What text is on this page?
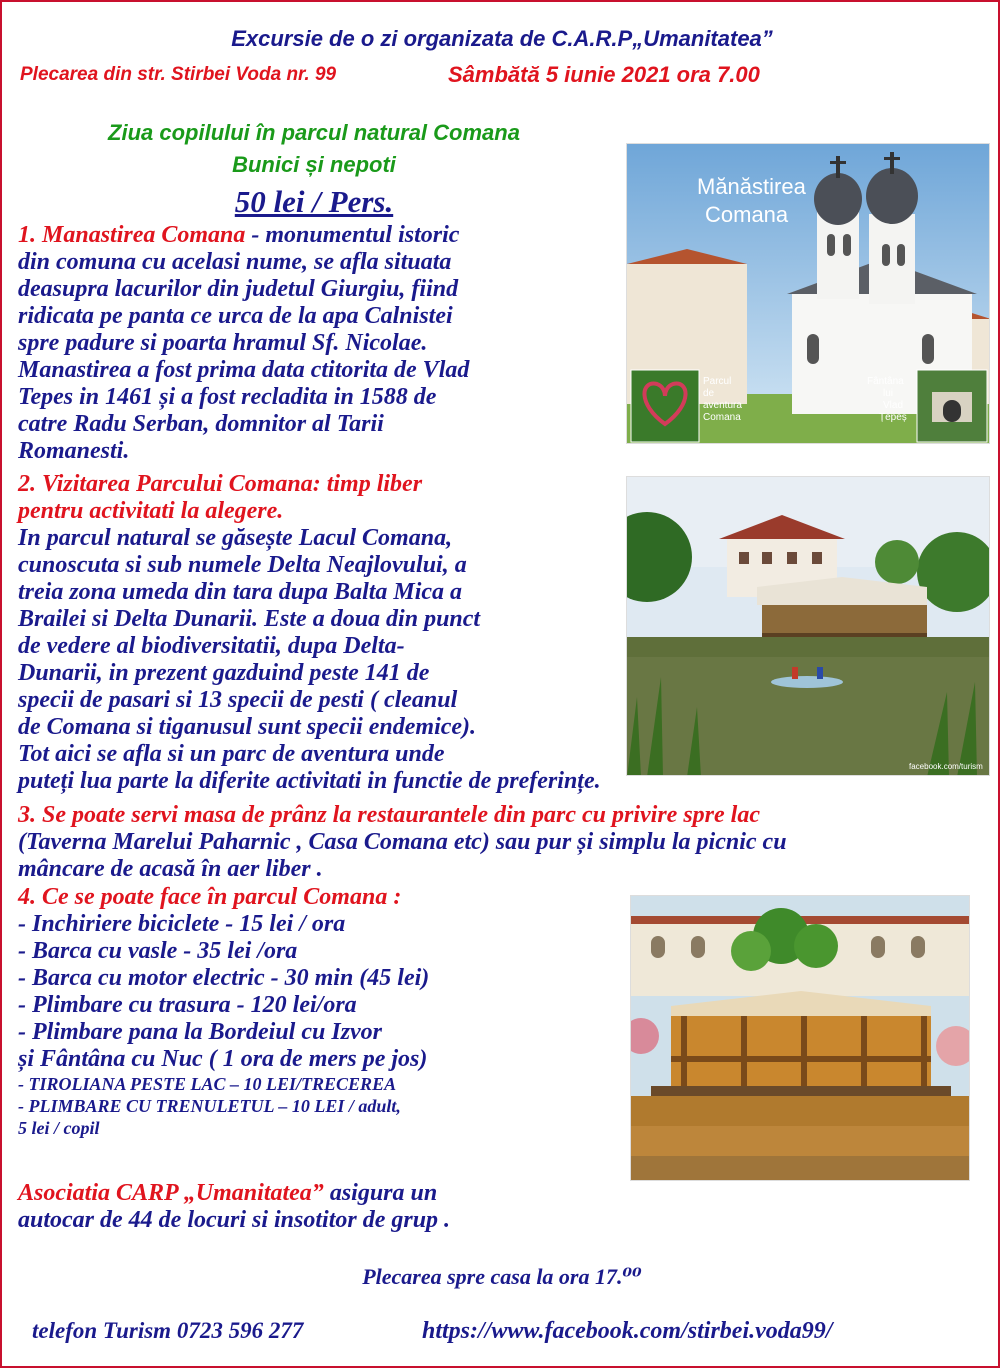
Excursie de o zi organizata de C.A.R.P„Umanitatea”
Plecarea din str. Stirbei Voda nr. 99	Sâmbătă 5 iunie 2021 ora 7.00
Ziua copilului în parcul natural Comana
Bunici și nepoti
50 lei / Pers.
1. Manastirea Comana - monumentul istoric
din comuna cu acelasi nume, se afla situata
deasupra lacurilor din judetul Giurgiu, fiind
ridicata pe panta ce urca de la apa Calnistei
spre padure si poarta hramul Sf. Nicolae.
Manastirea a fost prima data ctitorita de Vlad
Tepes in 1461 și a fost recladita in 1588 de
catre Radu Serban, domnitor al Tarii
Romanesti.
2. Vizitarea Parcului Comana: timp liber
pentru activitati la alegere.
In parcul natural se găsește Lacul Comana,
cunoscuta si sub numele Delta Neajlovului, a
treia zona umeda din tara dupa Balta Mica a
Brailei si Delta Dunarii. Este a doua din punct
de vedere al biodiversitatii, dupa Delta-
Dunarii, in prezent gazduind peste 141 de
specii de pasari si 13 specii de pesti ( cleanul
de Comana si tiganusul sunt specii endemice).
Tot aici se afla si un parc de aventura unde
puteți lua parte la diferite activitati in functie de preferințe.
3. Se poate servi masa de prânz la restaurantele din parc cu privire spre lac
(Taverna Marelui Paharnic , Casa Comana etc) sau pur și simplu la picnic cu
mâncare de acasă în aer liber .
4. Ce se poate face în parcul Comana :
- Inchiriere biciclete - 15 lei / ora
- Barca cu vasle - 35 lei /ora
- Barca cu motor electric - 30 min (45 lei)
- Plimbare cu trasura - 120 lei/ora
- Plimbare pana la Bordeiul cu Izvor
și Fântâna cu Nuc ( 1 ora de mers pe jos)
- TIROLIANA PESTE LAC – 10 LEI/TRECEREA
- PLIMBARE CU TRENULETUL – 10 LEI / adult,
5 lei / copil
Asociatia CARP „Umanitatea” asigura un
autocar de 44 de locuri si insotitor de grup .
Plecarea spre casa la ora 17.⁰⁰
telefon Turism 0723 596 277	https://www.facebook.com/stirbei.voda99/
Mănăstirea
Comana
Parcul
de
aventura
Comana
Fântâna
lui
Vlad
Țepeș
facebook.com/turism
